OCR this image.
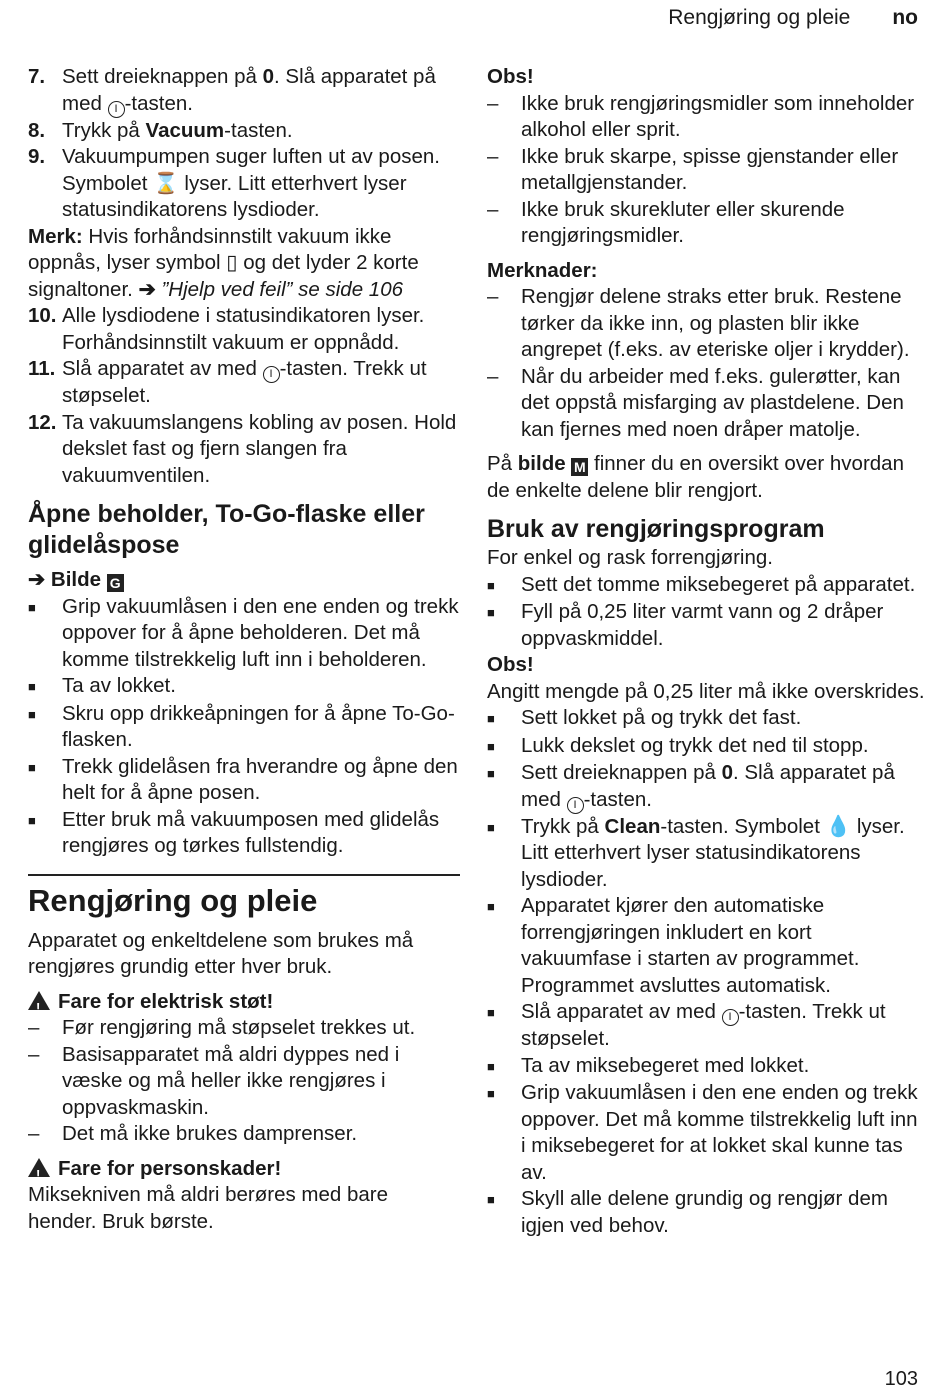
Rengjøring og pleie no
7. Sett dreieknappen på 0. Slå apparatet på med I -tasten.
8. Trykk på Vacuum-tasten.
9. Vakuumpumpen suger luften ut av posen. Symbolet ⌛ lyser. Litt etterhvert lyser statusindikatorens lysdioder.

Merk: Hvis forhåndsinnstilt vakuum ikke oppnås, lyser symbol ▯ og det lyder 2 korte signaltoner. ➔ ”Hjelp ved feil” se side 106

10. Alle lysdiodene i statusindikatoren lyser. Forhåndsinnstilt vakuum er oppnådd.
11. Slå apparatet av med I -tasten. Trekk ut støpselet.
12. Ta vakuumslangens kobling av posen. Hold dekslet fast og fjern slangen fra vakuumventilen.
Åpne beholder, To-Go-flaske eller glidelåspose

➔ Bilde G

■	Grip vakuumlåsen i den ene enden og trekk oppover for å åpne beholderen. Det må komme tilstrekkelig luft inn i beholderen.
■	Ta av lokket.
■	Skru opp drikkeåpningen for å åpne To-Go-flasken.
■	Trekk glidelåsen fra hverandre og åpne den helt for å åpne posen.
■	Etter bruk må vakuumposen med glidelås rengjøres og tørkes fullstendig.
Rengjøring og pleie

Apparatet og enkeltdelene som brukes må rengjøres grundig etter hver bruk.

!Fare for elektrisk støt!

–	Før rengjøring må støpselet trekkes ut.
–	Basisapparatet må aldri dyppes ned i væske og må heller ikke rengjøres i oppvaskmaskin.
–	Det må ikke brukes damprenser.

!Fare for personskader!

Miksekniven må aldri berøres med bare hender. Bruk børste.

Obs!

–	Ikke bruk rengjøringsmidler som inneholder alkohol eller sprit.
–	Ikke bruk skarpe, spisse gjenstander eller metallgjenstander.
–	Ikke bruk skurekluter eller skurende rengjøringsmidler.

Merknader:

–	Rengjør delene straks etter bruk. Restene tørker da ikke inn, og plasten blir ikke angrepet (f.eks. av eteriske oljer i krydder).
–	Når du arbeider med f.eks. gulerøtter, kan det oppstå misfarging av plastdelene. Den kan fjernes med noen dråper matolje.

På bilde M finner du en oversikt over hvordan de enkelte delene blir rengjort.

Bruk av rengjøringsprogram

For enkel og rask forrengjøring.

■	Sett det tomme miksebegeret på apparatet.
■	Fyll på 0,25 liter varmt vann og 2 dråper oppvaskmiddel.

Obs!

Angitt mengde på 0,25 liter må ikke overskrides.

■	Sett lokket på og trykk det fast.
■	Lukk dekslet og trykk det ned til stopp.
■	Sett dreieknappen på 0. Slå apparatet på med I -tasten.
■	Trykk på Clean-tasten. Symbolet 💧 lyser. Litt etterhvert lyser statusindikatorens lysdioder.
■	Apparatet kjører den automatiske forrengjøringen inkludert en kort vakuumfase i starten av programmet. Programmet avsluttes automatisk.
■	Slå apparatet av med I -tasten. Trekk ut støpselet.
■	Ta av miksebegeret med lokket.
■	Grip vakuumlåsen i den ene enden og trekk oppover. Det må komme tilstrekkelig luft inn i miksebegeret for at lokket skal kunne tas av.
■	Skyll alle delene grundig og rengjør dem igjen ved behov.
103
